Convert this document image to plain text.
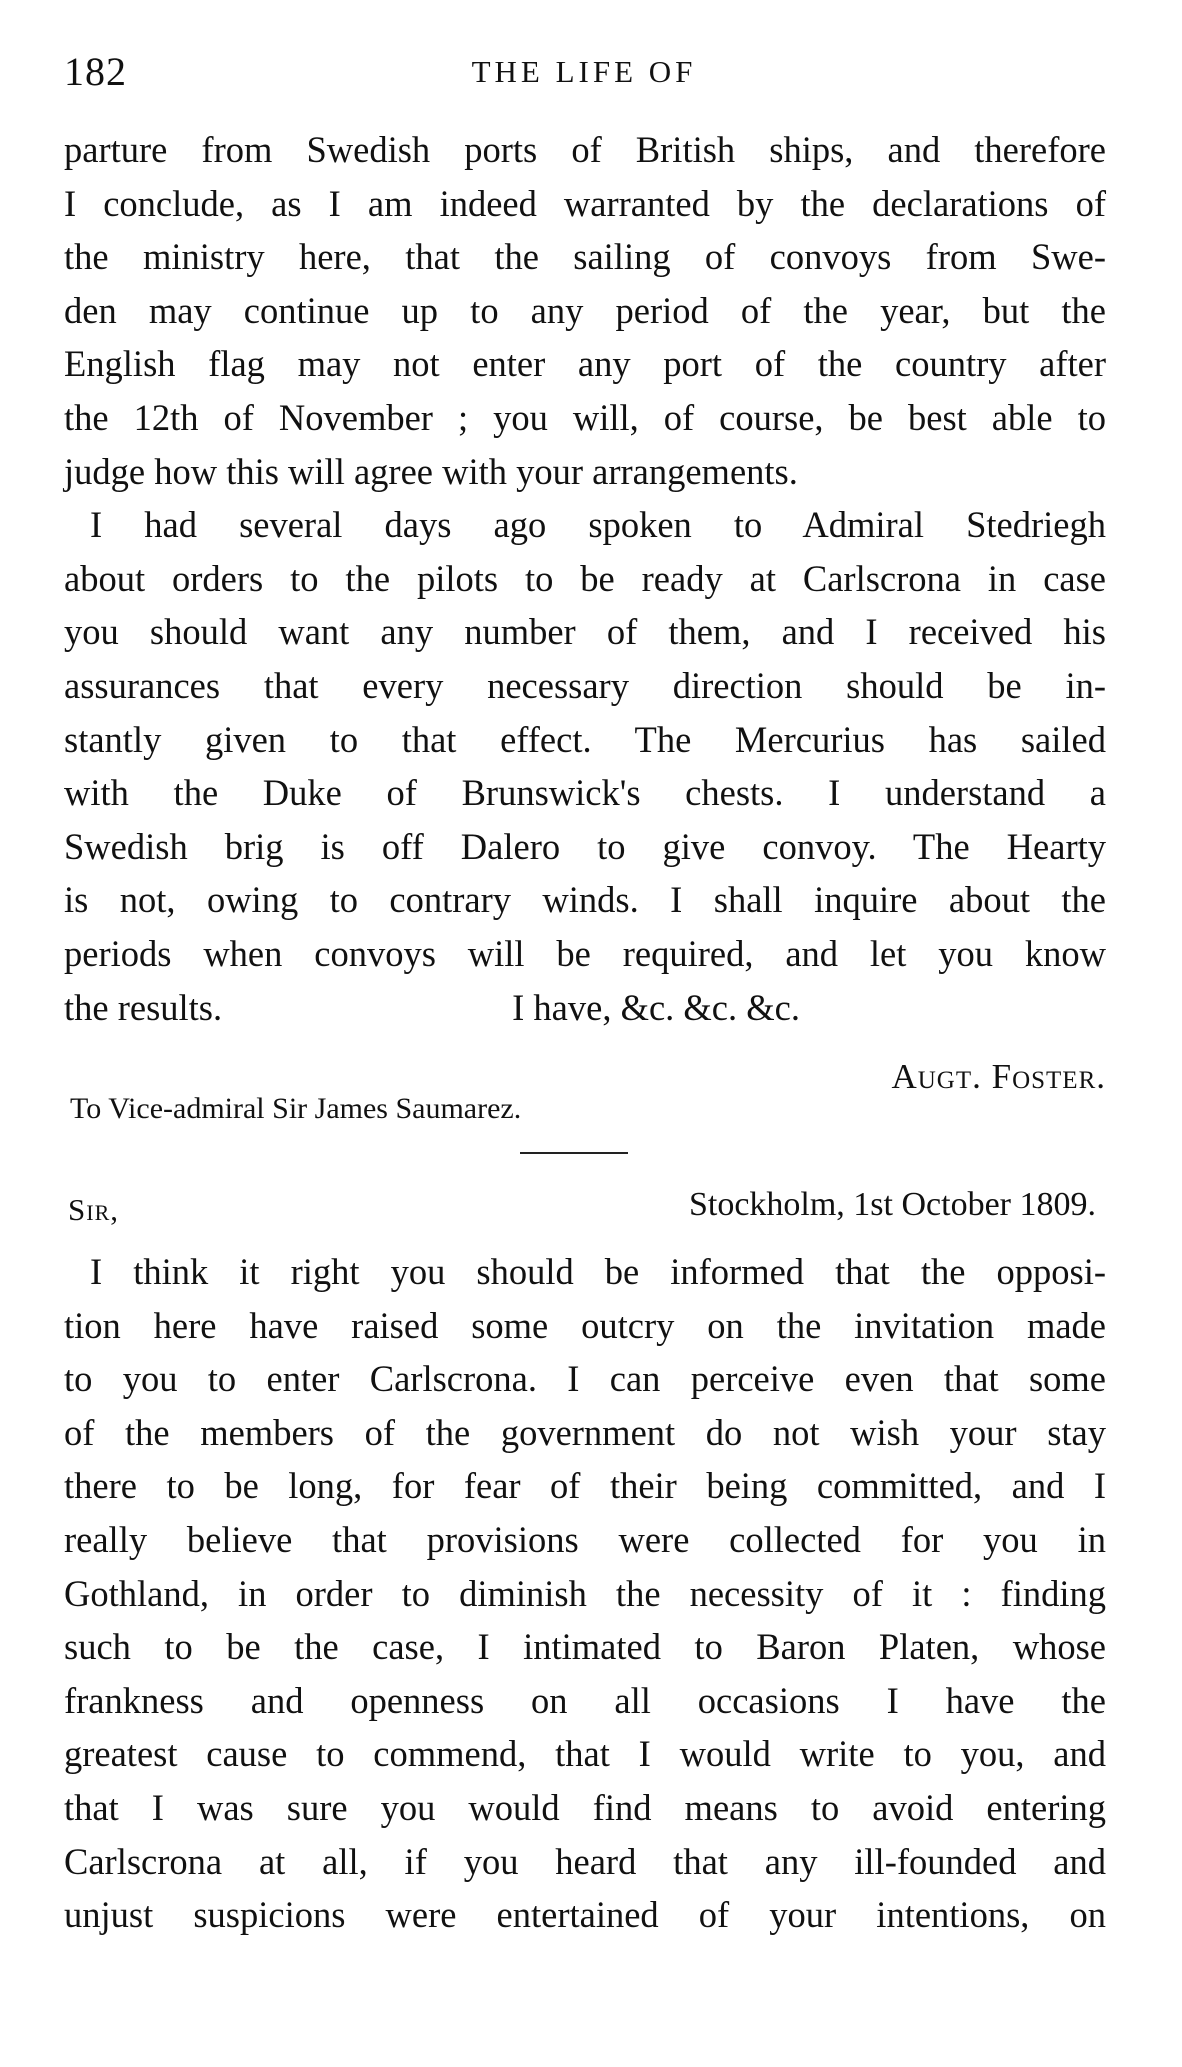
182	THE LIFE OF
parture from Swedish ports of British ships, and therefore
I conclude, as I am indeed warranted by the declarations of
the ministry here, that the sailing of convoys from Swe-
den may continue up to any period of the year, but the
English flag may not enter any port of the country after
the 12th of November ; you will, of course, be best able to
judge how this will agree with your arrangements.
I had several days ago spoken to Admiral Stedriegh
about orders to the pilots to be ready at Carlscrona in case
you should want any number of them, and I received his
assurances that every necessary direction should be in-
stantly given to that effect. The Mercurius has sailed
with the Duke of Brunswick's chests. I understand a
Swedish brig is off Dalero to give convoy. The Hearty
is not, owing to contrary winds. I shall inquire about the
periods when convoys will be required, and let you know
the results.	I have, &c. &c. &c.
Augt. Foster.
To Vice-admiral Sir James Saumarez.
Sir,	Stockholm, 1st October 1809.
I think it right you should be informed that the opposi-
tion here have raised some outcry on the invitation made
to you to enter Carlscrona. I can perceive even that some
of the members of the government do not wish your stay
there to be long, for fear of their being committed, and I
really believe that provisions were collected for you in
Gothland, in order to diminish the necessity of it : finding
such to be the case, I intimated to Baron Platen, whose
frankness and openness on all occasions I have the
greatest cause to commend, that I would write to you, and
that I was sure you would find means to avoid entering
Carlscrona at all, if you heard that any ill-founded and
unjust suspicions were entertained of your intentions, on
